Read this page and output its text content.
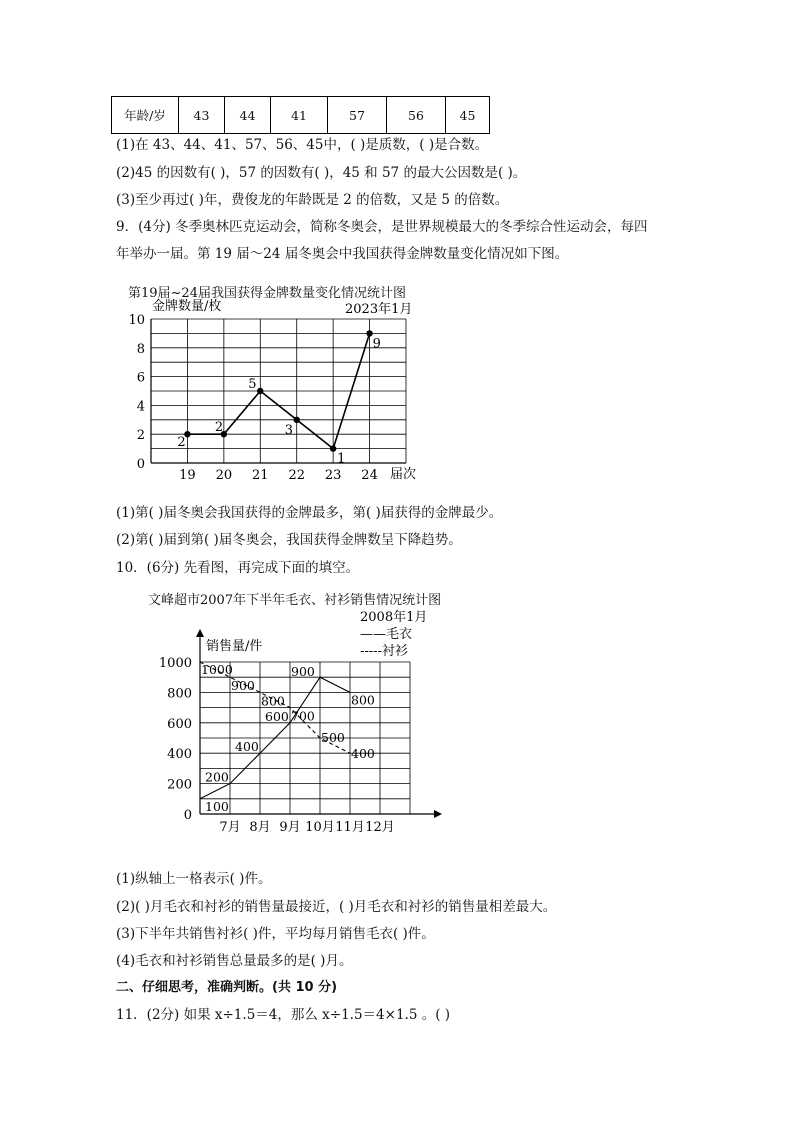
年龄/岁	43	44	41	57	56	45
(1)在 43、44、41、57、56、45中，( )是质数，( )是合数。
(2)45 的因数有( )，57 的因数有( )，45 和 57 的最大公因数是( )。
(3)至少再过( )年，费俊龙的年龄既是 2 的倍数，又是 5 的倍数。
9．(4分) 冬季奥林匹克运动会，简称冬奥会，是世界规模最大的冬季综合性运动会，每四
年举办一届。第 19 届～24 届冬奥会中我国获得金牌数量变化情况如下图。
第19届~24届我国获得金牌数量变化情况统计图
金牌数量/枚	2023年1月
届次
0
2
4
6
8
10
19 20 21 22 23 24
2
2
5
3
1
9
(1)第( )届冬奥会我国获得的金牌最多，第( )届获得的金牌最少。
(2)第( )届到第( )届冬奥会，我国获得金牌数呈下降趋势。
10．(6分) 先看图，再完成下面的填空。
文峰超市2007年下半年毛衣、衬衫销售情况统计图
2008年1月
——毛衣
-----衬衫
销售量/件
0
200
400
600
800
1000
7月 8月 9月 10月 11月 12月
100
200
400
600
900
800
1000
900
800
700
500
400
(1)纵轴上一格表示( )件。
(2)( )月毛衣和衬衫的销售量最接近，( )月毛衣和衬衫的销售量相差最大。
(3)下半年共销售衬衫( )件，平均每月销售毛衣( )件。
(4)毛衣和衬衫销售总量最多的是( )月。
二、仔细思考，准确判断。(共 10 分)
11．(2分) 如果 x÷1.5＝4，那么 x÷1.5＝4×1.5 。( )
